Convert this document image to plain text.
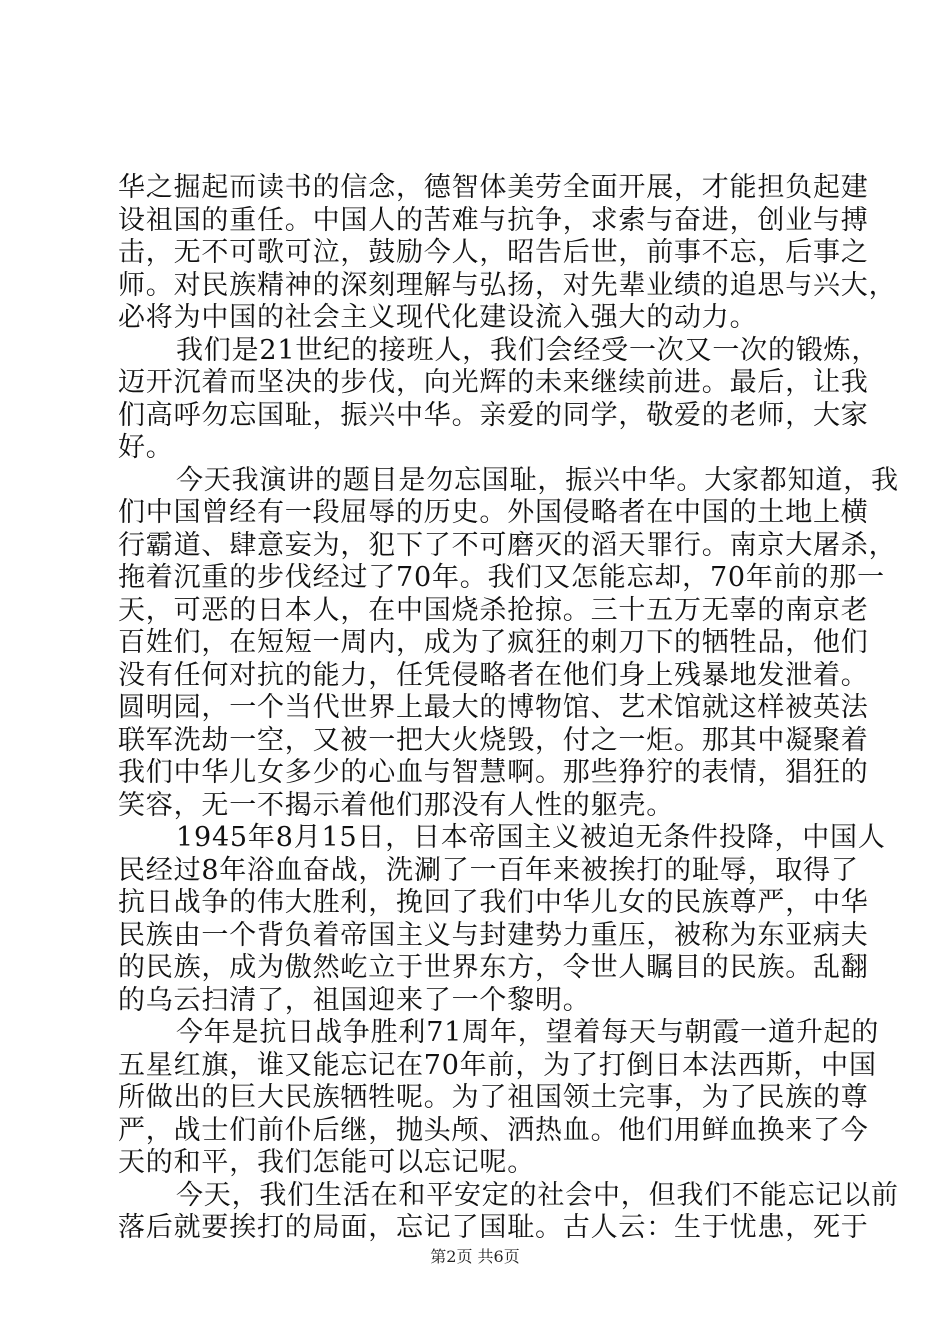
华之掘起而读书的信念，德智体美劳全面开展，才能担负起建
设祖国的重任。中国人的苦难与抗争，求索与奋进，创业与搏
击，无不可歌可泣，鼓励今人，昭告后世，前事不忘，后事之
师。对民族精神的深刻理解与弘扬，对先辈业绩的追思与兴大，
必将为中国的社会主义现代化建设流入强大的动力。
我们是21世纪的接班人，我们会经受一次又一次的锻炼，
迈开沉着而坚决的步伐，向光辉的未来继续前进。最后，让我
们高呼勿忘国耻，振兴中华。亲爱的同学，敬爱的老师，大家
好。
今天我演讲的题目是勿忘国耻，振兴中华。大家都知道，我
们中国曾经有一段屈辱的历史。外国侵略者在中国的土地上横
行霸道、肆意妄为，犯下了不可磨灭的滔天罪行。南京大屠杀，
拖着沉重的步伐经过了70年。我们又怎能忘却，70年前的那一
天，可恶的日本人，在中国烧杀抢掠。三十五万无辜的南京老
百姓们，在短短一周内，成为了疯狂的刺刀下的牺牲品，他们
没有任何对抗的能力，任凭侵略者在他们身上残暴地发泄着。
圆明园，一个当代世界上最大的博物馆、艺术馆就这样被英法
联军洗劫一空，又被一把大火烧毁，付之一炬。那其中凝聚着
我们中华儿女多少的心血与智慧啊。那些狰狞的表情，猖狂的
笑容，无一不揭示着他们那没有人性的躯壳。
1945年8月15日，日本帝国主义被迫无条件投降，中国人
民经过8年浴血奋战，洗涮了一百年来被挨打的耻辱，取得了
抗日战争的伟大胜利，挽回了我们中华儿女的民族尊严，中华
民族由一个背负着帝国主义与封建势力重压，被称为东亚病夫
的民族，成为傲然屹立于世界东方，令世人瞩目的民族。乱翻
的乌云扫清了，祖国迎来了一个黎明。
今年是抗日战争胜利71周年，望着每天与朝霞一道升起的
五星红旗，谁又能忘记在70年前，为了打倒日本法西斯，中国
所做出的巨大民族牺牲呢。为了祖国领土完事，为了民族的尊
严，战士们前仆后继，抛头颅、洒热血。他们用鲜血换来了今
天的和平，我们怎能可以忘记呢。
今天，我们生活在和平安定的社会中，但我们不能忘记以前
落后就要挨打的局面，忘记了国耻。古人云：生于忧患，死于
第2页 共6页
